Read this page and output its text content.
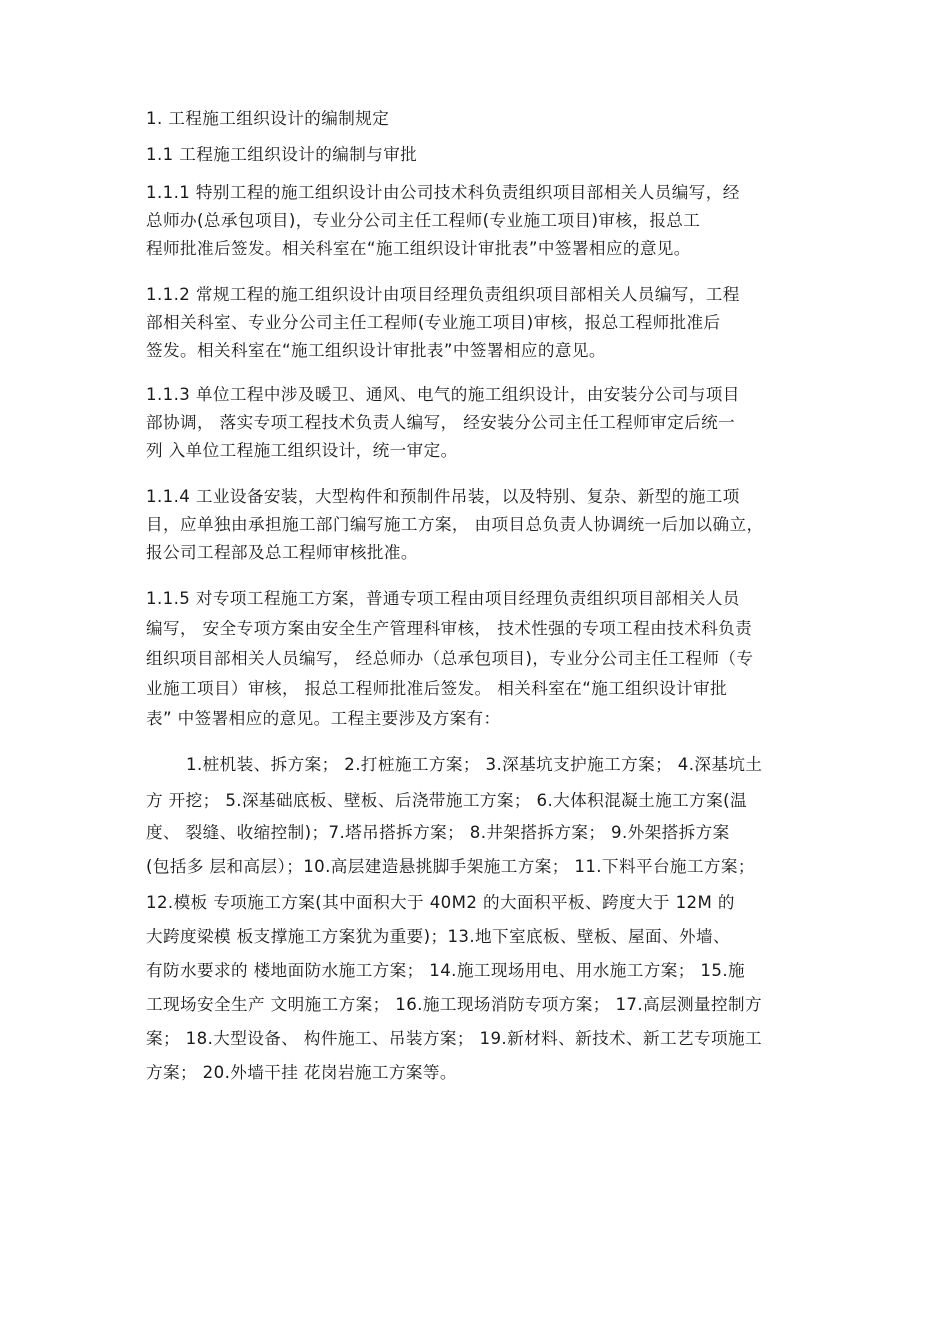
1. 工程施工组织设计的编制规定
1.1 工程施工组织设计的编制与审批
1.1.1 特别工程的施工组织设计由公司技术科负责组织项目部相关人员编写，经
总师办(总承包项目)，专业分公司主任工程师(专业施工项目)审核，报总工
程师批准后签发。相关科室在“施工组织设计审批表”中签署相应的意见。
1.1.2 常规工程的施工组织设计由项目经理负责组织项目部相关人员编写，工程
部相关科室、专业分公司主任工程师(专业施工项目)审核，报总工程师批准后
签发。相关科室在“施工组织设计审批表”中签署相应的意见。
1.1.3 单位工程中涉及暖卫、通风、电气的施工组织设计，由安装分公司与项目
部协调， 落实专项工程技术负责人编写， 经安装分公司主任工程师审定后统一
列 入单位工程施工组织设计，统一审定。
1.1.4 工业设备安装，大型构件和预制件吊装，以及特别、复杂、新型的施工项
目，应单独由承担施工部门编写施工方案， 由项目总负责人协调统一后加以确立，
报公司工程部及总工程师审核批准。
1.1.5 对专项工程施工方案，普通专项工程由项目经理负责组织项目部相关人员
编写， 安全专项方案由安全生产管理科审核， 技术性强的专项工程由技术科负责
组织项目部相关人员编写， 经总师办（总承包项目)，专业分公司主任工程师（专
业施工项目）审核， 报总工程师批准后签发。 相关科室在“施工组织设计审批
表” 中签署相应的意见。工程主要涉及方案有：
1.桩机装、拆方案； 2.打桩施工方案； 3.深基坑支护施工方案； 4.深基坑土
方 开挖； 5.深基础底板、壁板、后浇带施工方案； 6.大体积混凝土施工方案(温
度、 裂缝、收缩控制)；7.塔吊搭拆方案； 8.井架搭拆方案； 9.外架搭拆方案
(包括多 层和高层）；10.高层建造悬挑脚手架施工方案； 11.下料平台施工方案；
12.模板 专项施工方案(其中面积大于 40M2 的大面积平板、跨度大于 12M 的
大跨度梁模 板支撑施工方案犹为重要)；13.地下室底板、壁板、屋面、外墙、
有防水要求的 楼地面防水施工方案； 14.施工现场用电、用水施工方案； 15.施
工现场安全生产 文明施工方案； 16.施工现场消防专项方案； 17.高层测量控制方
案； 18.大型设备、 构件施工、吊装方案； 19.新材料、新技术、新工艺专项施工
方案； 20.外墙干挂 花岗岩施工方案等。
